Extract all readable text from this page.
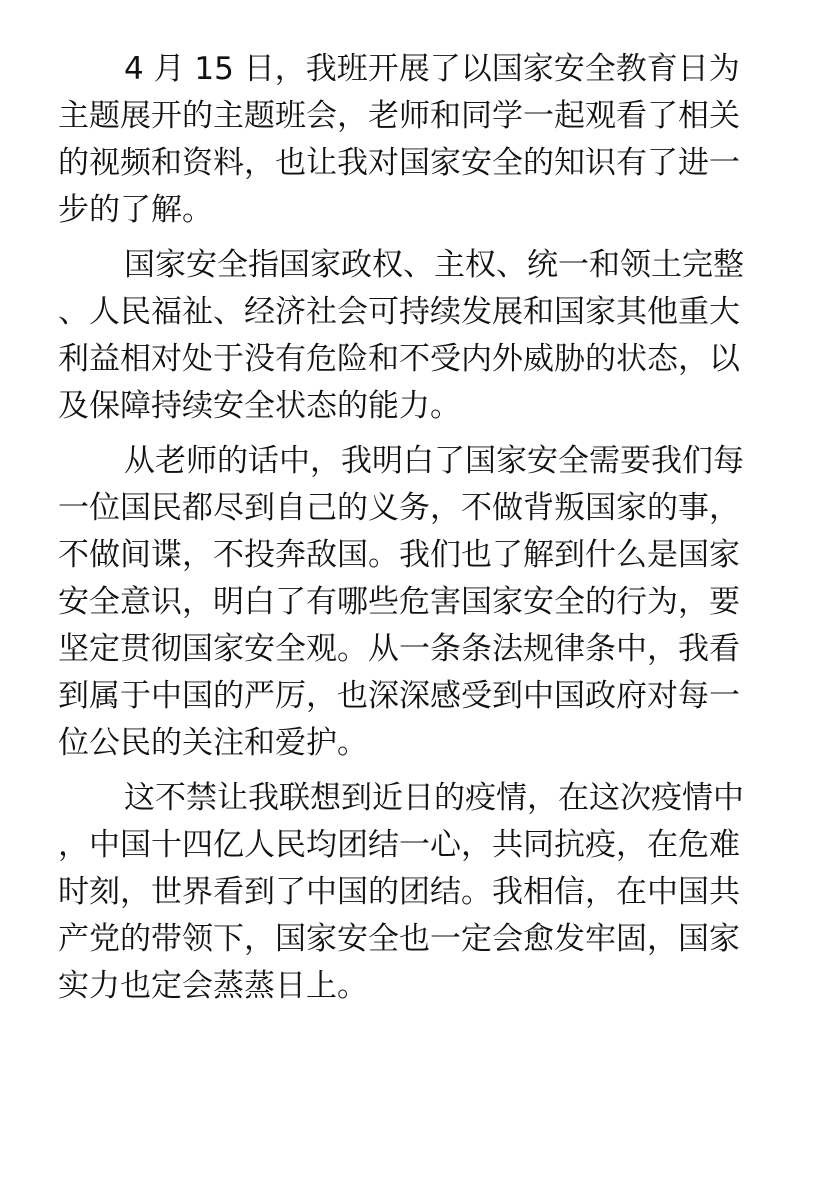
4 月 15 日，我班开展了以国家安全教育日为

主题展开的主题班会，老师和同学一起观看了相关

的视频和资料，也让我对国家安全的知识有了进一

步的了解。

国家安全指国家政权、主权、统一和领土完整

、人民福祉、经济社会可持续发展和国家其他重大

利益相对处于没有危险和不受内外威胁的状态，以

及保障持续安全状态的能力。

从老师的话中，我明白了国家安全需要我们每

一位国民都尽到自己的义务，不做背叛国家的事，

不做间谍，不投奔敌国。我们也了解到什么是国家

安全意识，明白了有哪些危害国家安全的行为，要

坚定贯彻国家安全观。从一条条法规律条中，我看

到属于中国的严厉，也深深感受到中国政府对每一

位公民的关注和爱护。

这不禁让我联想到近日的疫情，在这次疫情中

，中国十四亿人民均团结一心，共同抗疫，在危难

时刻，世界看到了中国的团结。我相信，在中国共

产党的带领下，国家安全也一定会愈发牢固，国家

实力也定会蒸蒸日上。
